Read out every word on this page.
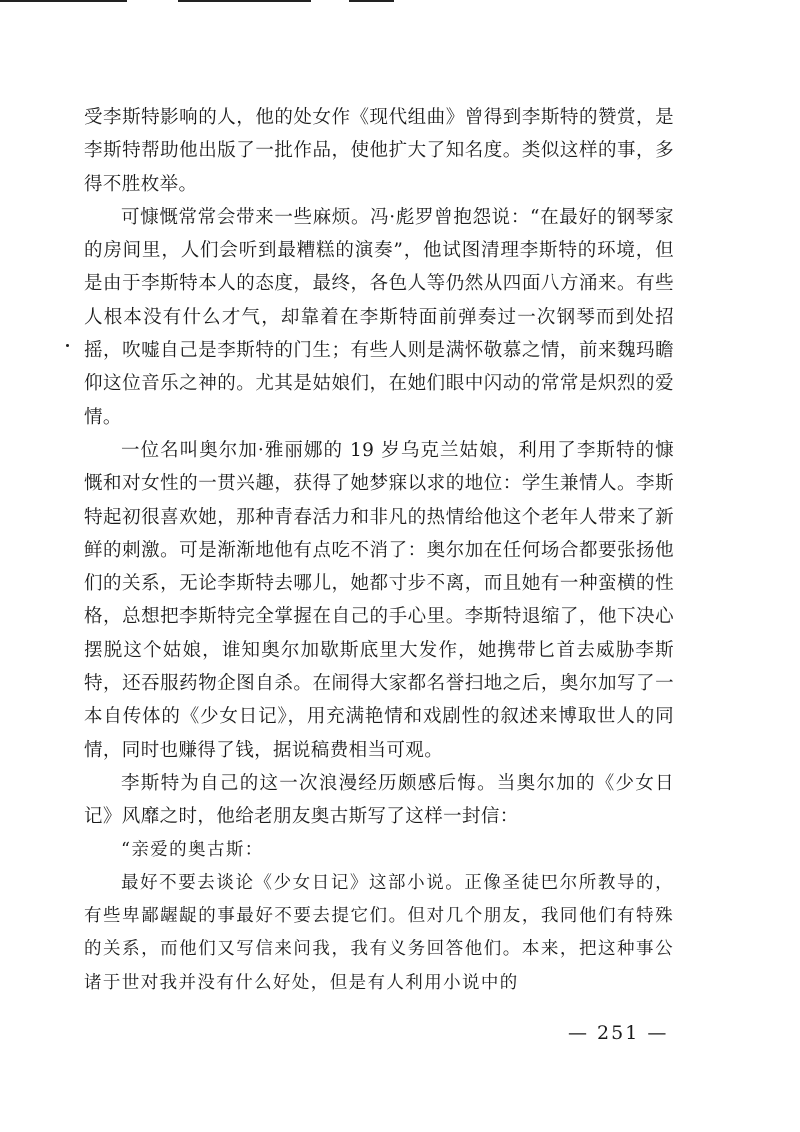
受李斯特影响的人，他的处女作《现代组曲》曾得到李斯特的赞赏，是李斯特帮助他出版了一批作品，使他扩大了知名度。类似这样的事，多得不胜枚举。

可慷慨常常会带来一些麻烦。冯·彪罗曾抱怨说：“在最好的钢琴家的房间里，人们会听到最糟糕的演奏”，他试图清理李斯特的环境，但是由于李斯特本人的态度，最终，各色人等仍然从四面八方涌来。有些人根本没有什么才气，却靠着在李斯特面前弹奏过一次钢琴而到处招摇，吹嘘自己是李斯特的门生；有些人则是满怀敬慕之情，前来魏玛瞻仰这位音乐之神的。尤其是姑娘们，在她们眼中闪动的常常是炽烈的爱情。

一位名叫奥尔加·雅丽娜的 19 岁乌克兰姑娘，利用了李斯特的慷慨和对女性的一贯兴趣，获得了她梦寐以求的地位：学生兼情人。李斯特起初很喜欢她，那种青春活力和非凡的热情给他这个老年人带来了新鲜的刺激。可是渐渐地他有点吃不消了：奥尔加在任何场合都要张扬他们的关系，无论李斯特去哪儿，她都寸步不离，而且她有一种蛮横的性格，总想把李斯特完全掌握在自己的手心里。李斯特退缩了，他下决心摆脱这个姑娘，谁知奥尔加歇斯底里大发作，她携带匕首去威胁李斯特，还吞服药物企图自杀。在闹得大家都名誉扫地之后，奥尔加写了一本自传体的《少女日记》，用充满艳情和戏剧性的叙述来博取世人的同情，同时也赚得了钱，据说稿费相当可观。

李斯特为自己的这一次浪漫经历颇感后悔。当奥尔加的《少女日记》风靡之时，他给老朋友奥古斯写了这样一封信：

“亲爱的奥古斯：

最好不要去谈论《少女日记》这部小说。正像圣徒巴尔所教导的，有些卑鄙龌龊的事最好不要去提它们。但对几个朋友，我同他们有特殊的关系，而他们又写信来问我，我有义务回答他们。本来，把这种事公诸于世对我并没有什么好处，但是有人利用小说中的

— 251 —
